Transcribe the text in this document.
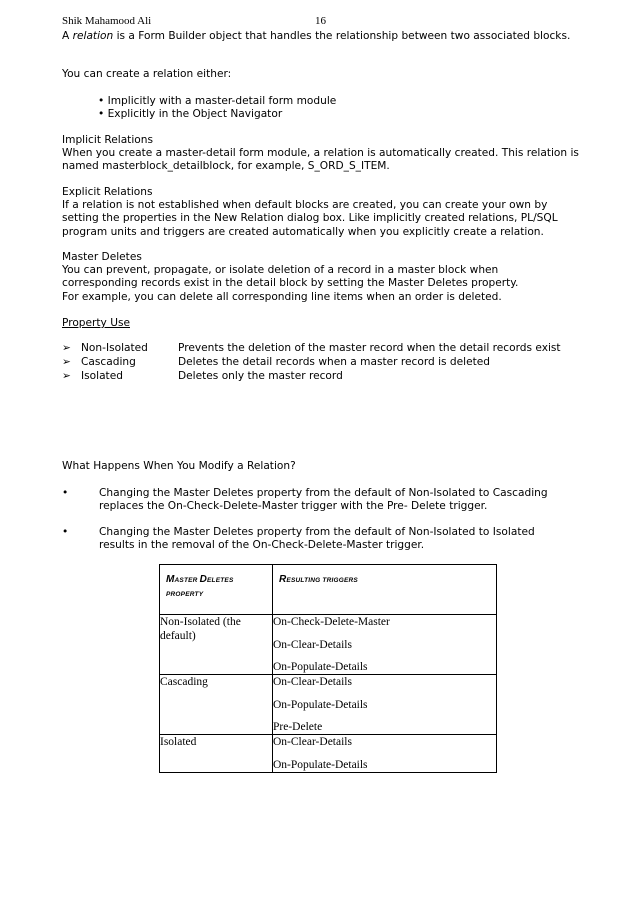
Shik Mahamood Ali	16

A relation is a Form Builder object that handles the relationship between two associated blocks.

You can create a relation either:

• Implicitly with a master-detail form module
• Explicitly in the Object Navigator
Implicit Relations

When you create a master-detail form module, a relation is automatically created. This relation is named masterblock_detailblock, for example, S_ORD_S_ITEM.

Explicit Relations

If a relation is not established when default blocks are created, you can create your own by setting the properties in the New Relation dialog box. Like implicitly created relations, PL/SQL program units and triggers are created automatically when you explicitly create a relation.

Master Deletes

You can prevent, propagate, or isolate deletion of a record in a master block when corresponding records exist in the detail block by setting the Master Deletes property.

For example, you can delete all corresponding line items when an order is deleted.

Property Use
➢ Non-Isolated	Prevents the deletion of the master record when the detail records exist
➢ Cascading	Deletes the detail records when a master record is deleted
➢ Isolated	Deletes only the master record
What Happens When You Modify a Relation?
•	Changing the Master Deletes property from the default of Non-Isolated to Cascading replaces the On-Check-Delete-Master trigger with the Pre- Delete trigger.
•	Changing the Master Deletes property from the default of Non-Isolated to Isolated results in the removal of the On-Check-Delete-Master trigger.
MASTER DELETES
PROPERTY	RESULTING TRIGGERS

Non-Isolated (the default)	On-Check-Delete-Master
On-Clear-Details
On-Populate-Details

Cascading	On-Clear-Details
On-Populate-Details
Pre-Delete

Isolated	On-Clear-Details
On-Populate-Details
